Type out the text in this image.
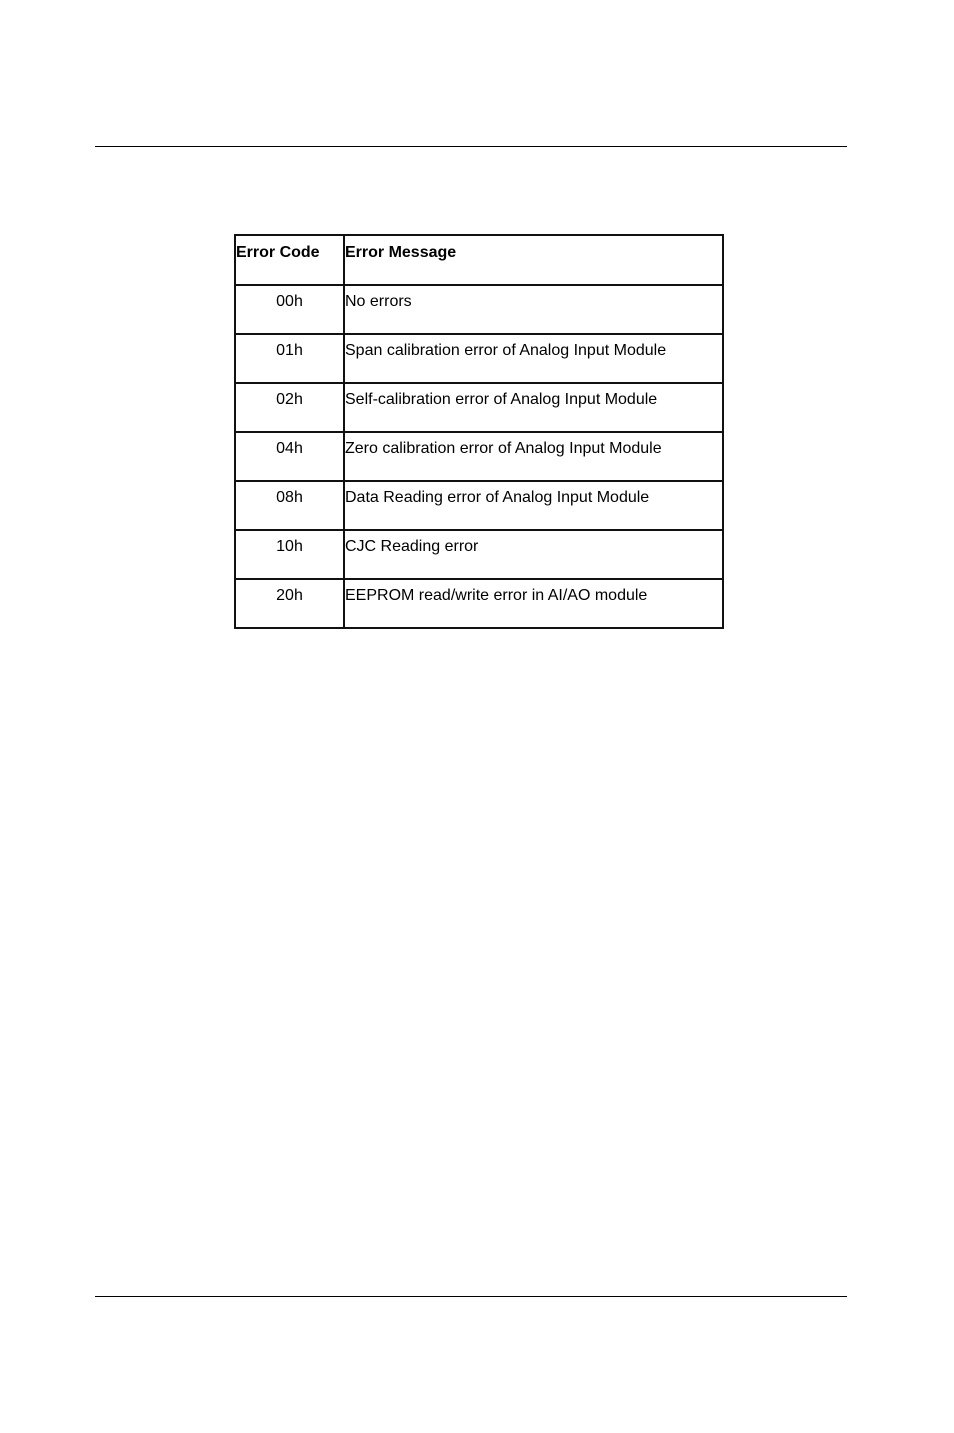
Error Code	Error Message
00h	No errors
01h	Span calibration error of Analog Input Module
02h	Self-calibration error of Analog Input Module
04h	Zero calibration error of Analog Input Module
08h	Data Reading error of Analog Input Module
10h	CJC Reading error
20h	EEPROM read/write error in AI/AO module
